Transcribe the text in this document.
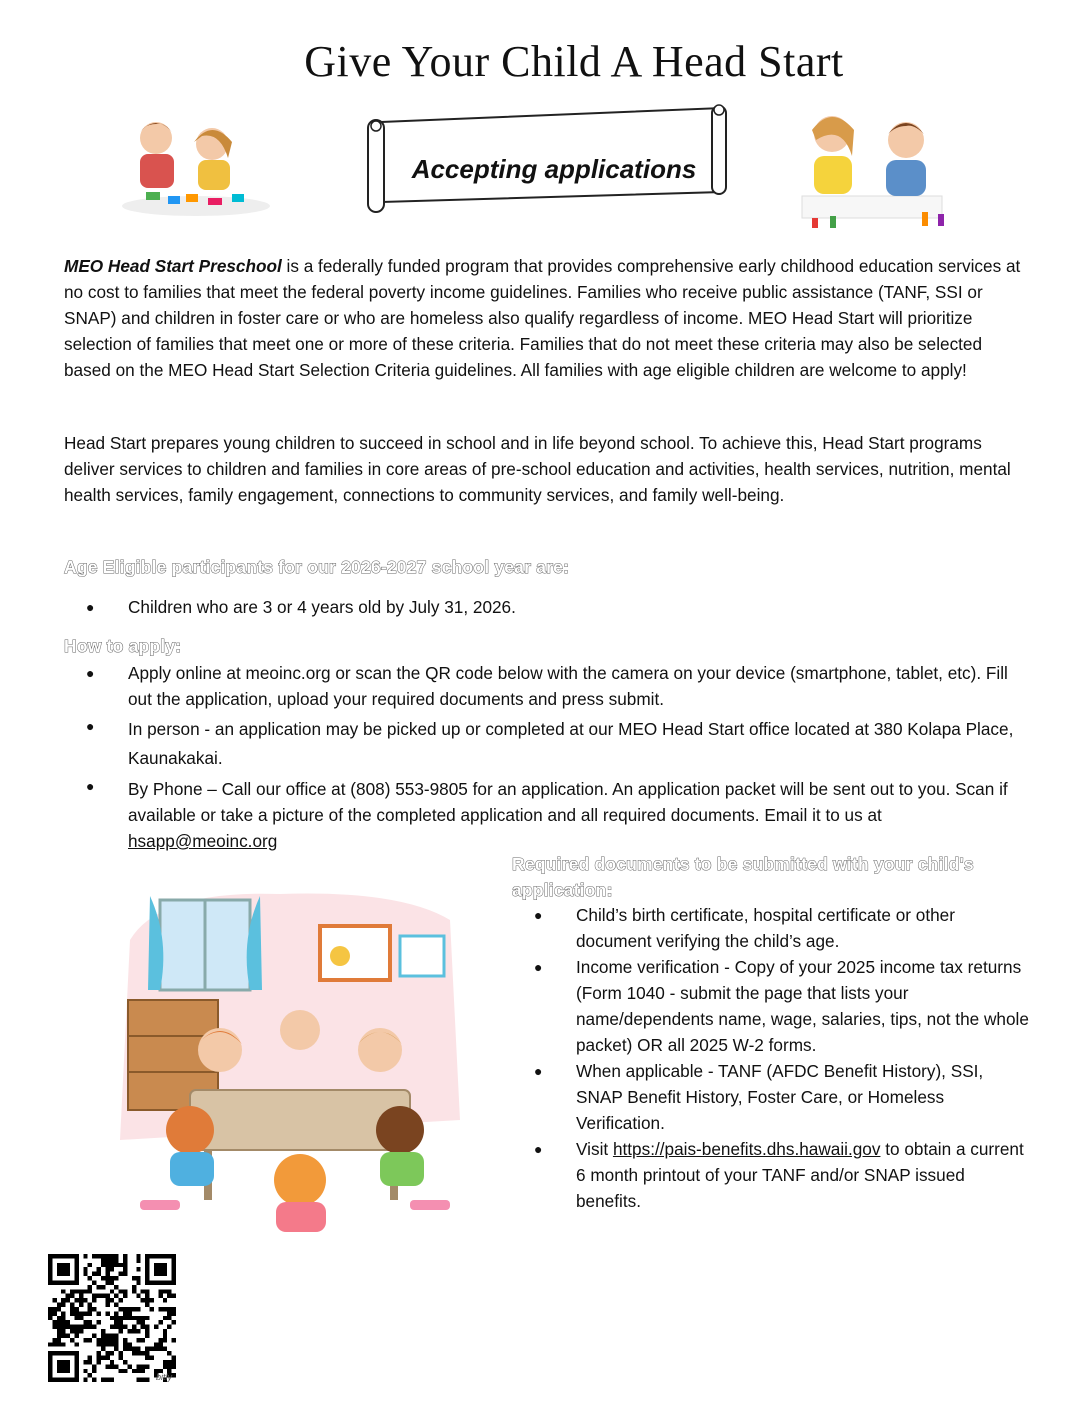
Give Your Child A Head Start
Accepting applications
MEO Head Start Preschool is a federally funded program that provides comprehensive early childhood education services at no cost to families that meet the federal poverty income guidelines. Families who receive public assistance (TANF, SSI or SNAP) and children in foster care or who are homeless also qualify regardless of income. MEO Head Start will prioritize selection of families that meet one or more of these criteria. Families that do not meet these criteria may also be selected based on the MEO Head Start Selection Criteria guidelines. All families with age eligible children are welcome to apply!
Head Start prepares young children to succeed in school and in life beyond school. To achieve this, Head Start programs deliver services to children and families in core areas of pre-school education and activities, health services, nutrition, mental health services, family engagement, connections to community services, and family well-being.
Age Eligible participants for our 2026-2027 school year are:
● Children who are 3 or 4 years old by July 31, 2026.
How to apply:
● Apply online at meoinc.org or scan the QR code below with the camera on your device (smartphone, tablet, etc). Fill out the application, upload your required documents and press submit.
● In person - an application may be picked up or completed at our MEO Head Start office located at 380 Kolapa Place, Kaunakakai.
● By Phone – Call our office at (808) 553-9805 for an application. An application packet will be sent out to you. Scan if available or take a picture of the completed application and all required documents. Email it to us at hsapp@meoinc.org
Required documents to be submitted with your child's application:
● Child’s birth certificate, hospital certificate or other document verifying the child’s age.
● Income verification - Copy of your 2025 income tax returns (Form 1040 - submit the page that lists your name/dependents name, wage, salaries, tips, not the whole packet) OR all 2025 W-2 forms.
● When applicable - TANF (AFDC Benefit History), SSI, SNAP Benefit History, Foster Care, or Homeless Verification.
● Visit https://pais-benefits.dhs.hawaii.gov to obtain a current 6 month printout of your TANF and/or SNAP issued benefits.
bitly
